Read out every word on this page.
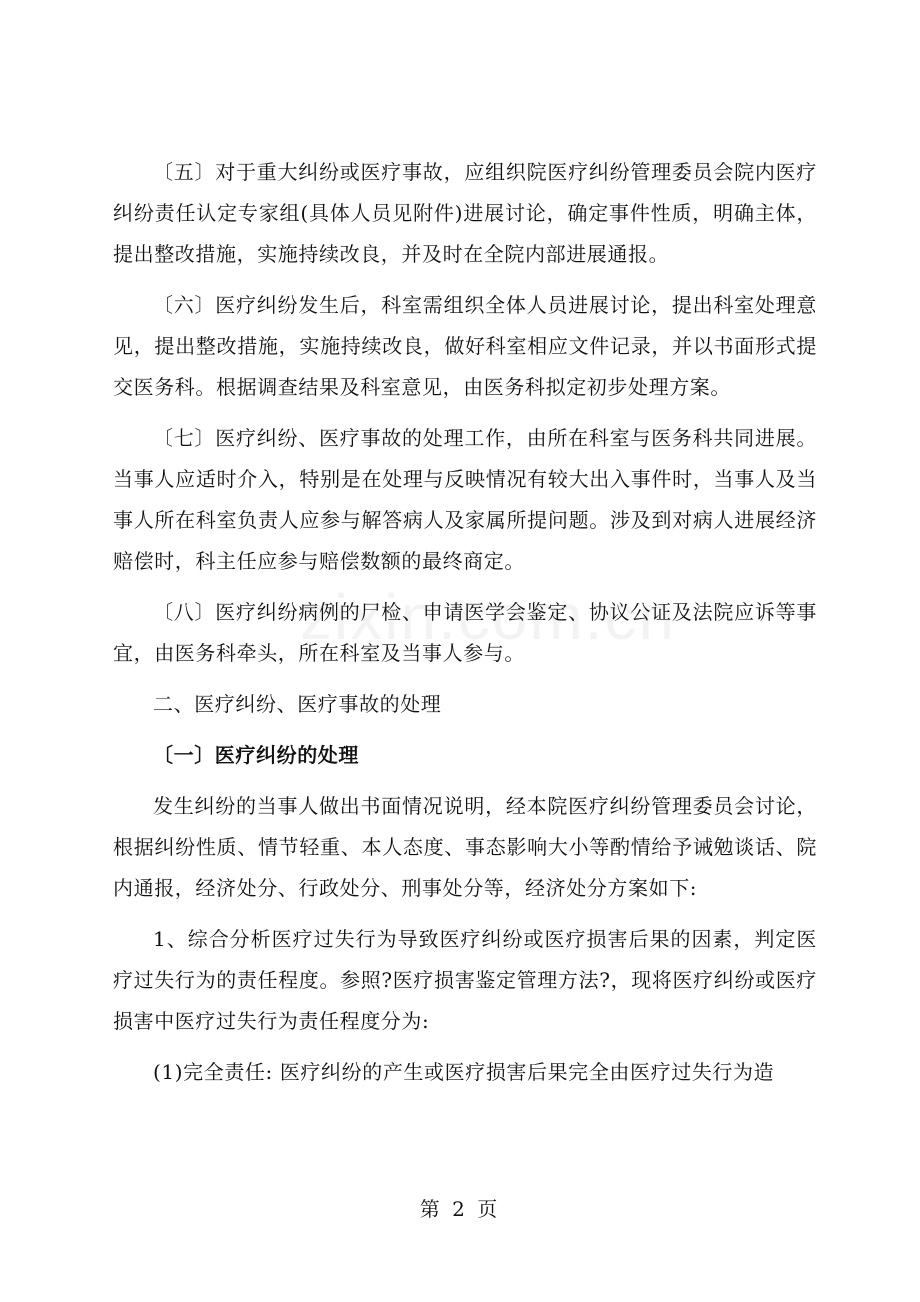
〔五〕对于重大纠纷或医疗事故，应组织院医疗纠纷管理委员会院内医疗纠纷责任认定专家组(具体人员见附件)进展讨论，确定事件性质，明确主体，提出整改措施，实施持续改良，并及时在全院内部进展通报。

〔六〕医疗纠纷发生后，科室需组织全体人员进展讨论，提出科室处理意见，提出整改措施，实施持续改良，做好科室相应文件记录，并以书面形式提交医务科。根据调查结果及科室意见，由医务科拟定初步处理方案。

〔七〕医疗纠纷、医疗事故的处理工作，由所在科室与医务科共同进展。当事人应适时介入，特别是在处理与反映情况有较大出入事件时，当事人及当事人所在科室负责人应参与解答病人及家属所提问题。涉及到对病人进展经济赔偿时，科主任应参与赔偿数额的最终商定。

〔八〕医疗纠纷病例的尸检、申请医学会鉴定、协议公证及法院应诉等事宜，由医务科牵头，所在科室及当事人参与。

二、医疗纠纷、医疗事故的处理

〔一〕医疗纠纷的处理

发生纠纷的当事人做出书面情况说明，经本院医疗纠纷管理委员会讨论，根据纠纷性质、情节轻重、本人态度、事态影响大小等酌情给予诫勉谈话、院内通报，经济处分、行政处分、刑事处分等，经济处分方案如下:

1、综合分析医疗过失行为导致医疗纠纷或医疗损害后果的因素，判定医疗过失行为的责任程度。参照?医疗损害鉴定管理方法?，现将医疗纠纷或医疗损害中医疗过失行为责任程度分为:

(1)完全责任: 医疗纠纷的产生或医疗损害后果完全由医疗过失行为造

第 2 页
